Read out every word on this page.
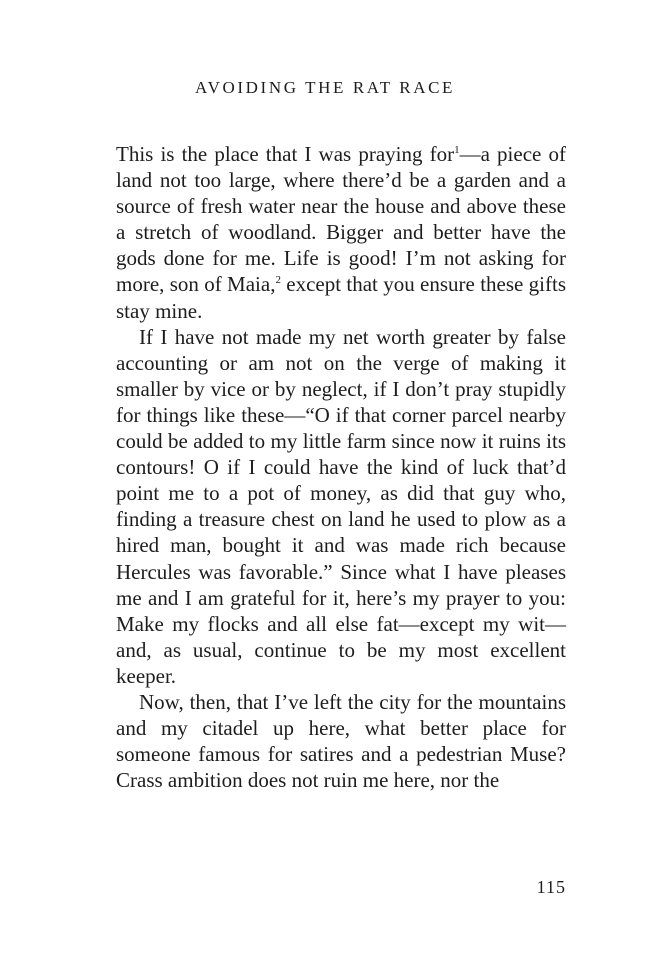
AVOIDING THE RAT RACE

This is the place that I was praying for$^1$—a piece of land not too large, where there’d be a garden and a source of fresh water near the house and above these a stretch of woodland. Bigger and better have the gods done for me. Life is good! I’m not asking for more, son of Maia,$^2$ except that you ensure these gifts stay mine.

If I have not made my net worth greater by false accounting or am not on the verge of making it smaller by vice or by neglect, if I don’t pray stupidly for things like these—“O if that corner parcel nearby could be added to my little farm since now it ruins its contours! O if I could have the kind of luck that’d point me to a pot of money, as did that guy who, finding a treasure chest on land he used to plow as a hired man, bought it and was made rich because Hercules was favorable.” Since what I have pleases me and I am grateful for it, here’s my prayer to you: Make my flocks and all else fat—except my wit—and, as usual, continue to be my most excellent keeper.

Now, then, that I’ve left the city for the mountains and my citadel up here, what better place for someone famous for satires and a pedestrian Muse? Crass ambition does not ruin me here, nor the

115
